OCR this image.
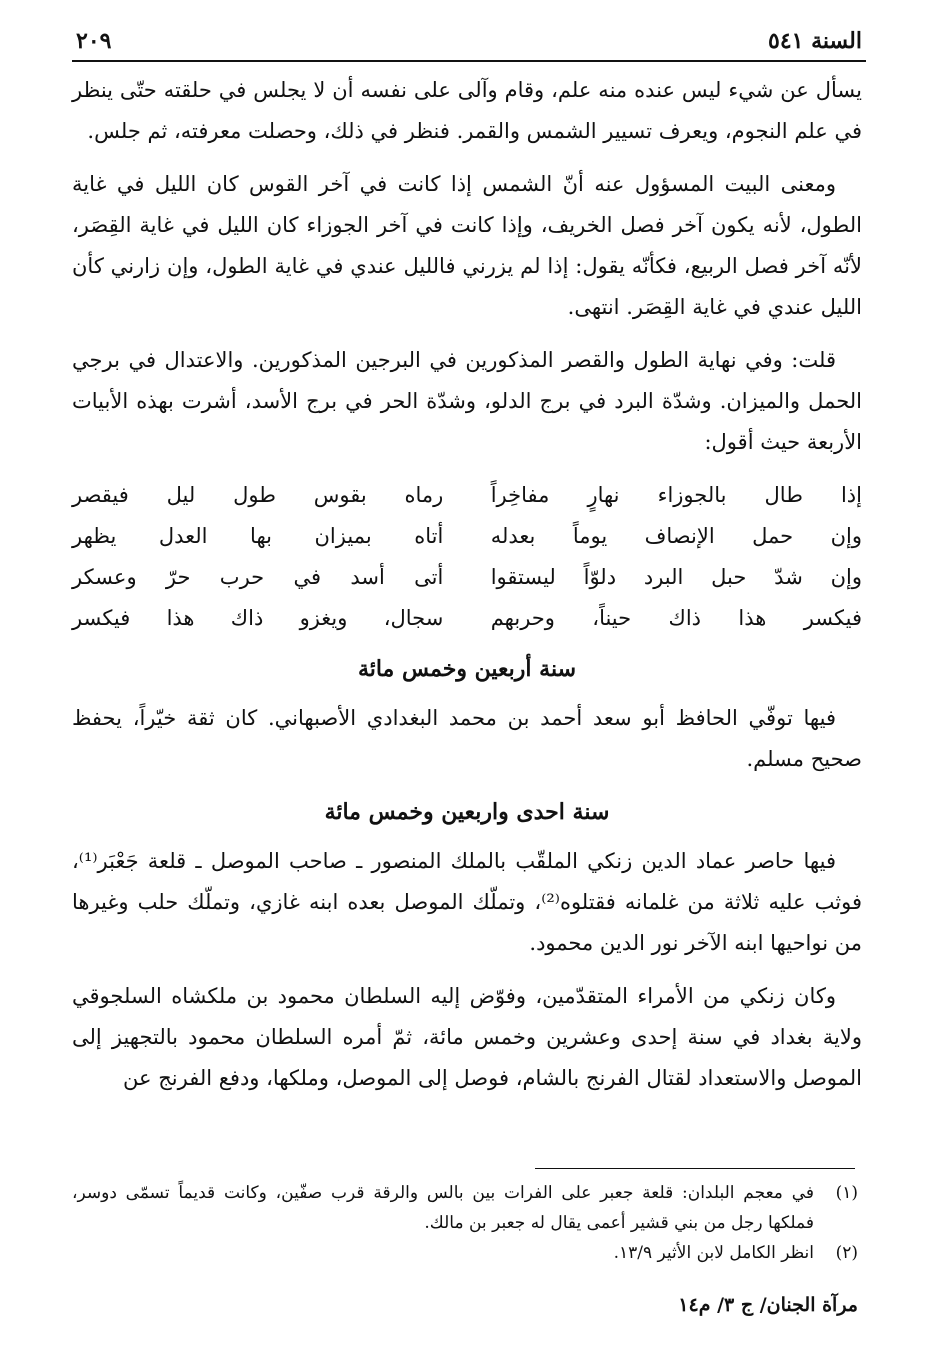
السنة ٥٤١
٢٠٩

يسأل عن شيء ليس عنده منه علم، وقام وآلى على نفسه أن لا يجلس في حلقته حتّى ينظر في علم النجوم، ويعرف تسيير الشمس والقمر. فنظر في ذلك، وحصلت معرفته، ثم جلس.

ومعنى البيت المسؤول عنه أنّ الشمس إذا كانت في آخر القوس كان الليل في غاية الطول، لأنه يكون آخر فصل الخريف، وإذا كانت في آخر الجوزاء كان الليل في غاية القِصَر، لأنّه آخر فصل الربيع، فكأنّه يقول: إذا لم يزرني فالليل عندي في غاية الطول، وإن زارني كأن الليل عندي في غاية القِصَر. انتهى.

قلت: وفي نهاية الطول والقصر المذكورين في البرجين المذكورين. والاعتدال في برجي الحمل والميزان. وشدّة البرد في برج الدلو، وشدّة الحر في برج الأسد، أشرت بهذه الأبيات الأربعة حيث أقول:

إذا طال بالجوزاء نهارٍ مفاخِراً
رماه بقوس طول ليل فيقصر
وإن حمل الإنصاف يوماً بعدله
أتاه بميزان بها العدل يظهر
وإن شدّ حبل البرد دلوّاً ليستقوا
أتى أسد في حرب حرّ وعسكر
فيكسر هذا ذاك حيناً، وحربهم
سجال، ويغزو ذاك هذا فيكسر
سنة أربعين وخمس مائة

فيها توفّي الحافظ أبو سعد أحمد بن محمد البغدادي الأصبهاني. كان ثقة خيّراً، يحفظ صحيح مسلم.

سنة احدى واربعين وخمس مائة

فيها حاصر عماد الدين زنكي الملقّب بالملك المنصور ـ صاحب الموصل ـ قلعة جَعْبَر⁽¹⁾، فوثب عليه ثلاثة من غلمانه فقتلوه⁽²⁾، وتملّك الموصل بعده ابنه غازي، وتملّك حلب وغيرها من نواحيها ابنه الآخر نور الدين محمود.

وكان زنكي من الأمراء المتقدّمين، وفوّض إليه السلطان محمود بن ملكشاه السلجوقي ولاية بغداد في سنة إحدى وعشرين وخمس مائة، ثمّ أمره السلطان محمود بالتجهيز إلى الموصل والاستعداد لقتال الفرنج بالشام، فوصل إلى الموصل، وملكها، ودفع الفرنج عن

(١)
في معجم البلدان: قلعة جعبر على الفرات بين بالس والرقة قرب صفّين، وكانت قديماً تسمّى دوسر، فملكها رجل من بني قشير أعمى يقال له جعبر بن مالك.
(٢)
انظر الكامل لابن الأثير ١٣/٩.
مرآة الجنان/ ج ٣/ م١٤
